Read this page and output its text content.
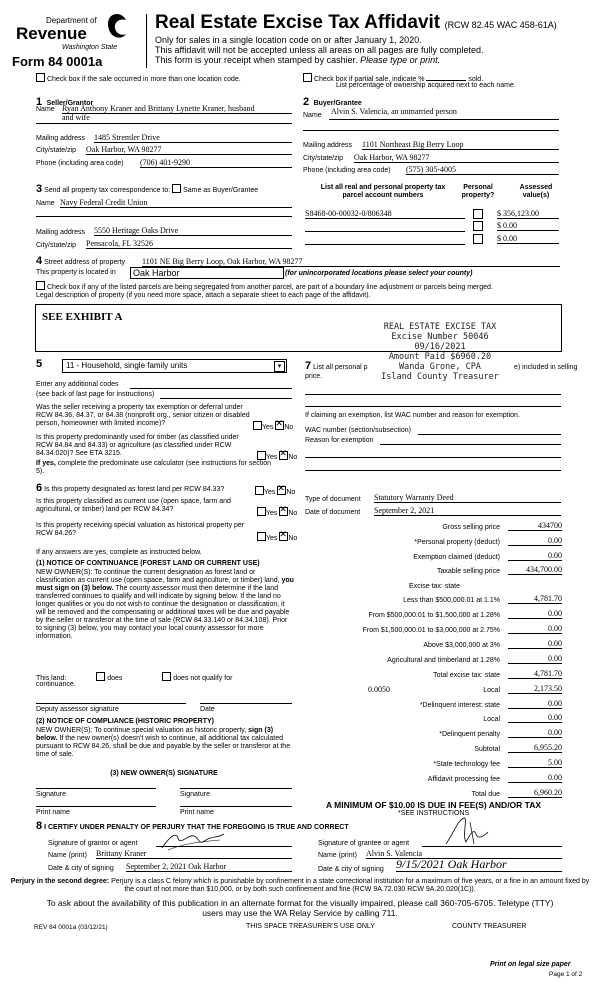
Department of
Revenue
Washington State
Form 84 0001a
Real Estate Excise Tax Affidavit (RCW 82.45 WAC 458-61A)
Only for sales in a single location code on or after January 1, 2020.
This affidavit will not be accepted unless all areas on all pages are fully completed.
This form is your receipt when stamped by cashier. Please type or print.
Check box if the sale occurred in more than one location code.	Check box if partial sale, indicate %	sold.
List percentage of ownership acquired next to each name.
1 Seller/Grantor
Name Ryan Anthony Kraner and Brittany Lynette Kraner, husband
and wife
Mailing address 1485 Stremler Drive
City/state/zip Oak Harbor, WA 98277
Phone (including area code) (706) 401-9290
2 Buyer/Grantee
Name Alvin S. Valencia, an unmarried person
Mailing address 1101 Northeast Big Berry Loop
City/state/zip Oak Harbor, WA 98277
Phone (including area code) (575) 305-4005
3 Send all property tax correspondence to:  Same as Buyer/Grantee
Name Navy Federal Credit Union
Mailing address 5550 Heritage Oaks Drive
City/state/zip Pensacola, FL 32526
List all real and personal property tax
parcel account numbers
Personal
property?
Assessed
value(s)
S8468-00-00032-0/806348	$ 356,123.00
$ 0.00
$ 0.00
4 Street address of property 1101 NE Big Berry Loop, Oak Harbor, WA 98277
This property is located in	Oak Harbor	(for unincorporated locations please select your county)
Check box if any of the listed parcels are being segregated from another parcel, are part of a boundary line adjustment or parcels being merged.
Legal description of property (if you need more space, attach a separate sheet to each page of the affidavit).
SEE EXHIBIT A
REAL ESTATE EXCISE TAX
Excise Number 50046
09/16/2021
Amount Paid $6960.20
Wanda Grone, CPA
Island County Treasurer
5	11 - Household, single family units	▾
Enter any additional codes
(see back of last page for instructions)
Was the seller receiving a property tax exemption or deferral under RCW 84.36, 84.37, or 84.38 (nonprofit org., senior citizen or disabled person, homeowner with limited income)?
Yes ✕ No
Is this property predominantly used for timber (as classified under RCW 84.84 and 84.33) or agriculture (as classified under RCW 84.34.020)? See ETA 3215.
Yes ✕ No
If yes, complete the predominate use calculator (see instructions for section 5).
6 Is this property designated as forest land per RCW 84.33?	Yes ✕ No
Is this property classified as current use (open space, farm and agricultural, or timber) land per RCW 84.34?
Yes ✕ No
Is this property receiving special valuation as historical property per RCW 84.26?
Yes ✕ No
If any answers are yes, complete as instructed below.
(1) NOTICE OF CONTINUANCE (FOREST LAND OR CURRENT USE)
NEW OWNER(S): To continue the current designation as forest land or classification as current use (open space, farm and agriculture, or timber) land, you must sign on (3) below. The county assessor must then determine if the land transferred continues to qualify and will indicate by signing below. If the land no longer qualifies or you do not wish to continue the designation or classification, it will be removed and the compensating or additional taxes will be due and payable by the seller or transferor at the time of sale (RCW 84.33.140 or 84.34.108). Prior to signing (3) below, you may contact your local county assessor for more information.
This land:	does	does not qualify for
continuance.
Deputy assessor signature	Date
(2) NOTICE OF COMPLIANCE (HISTORIC PROPERTY)
NEW OWNER(S): To continue special valuation as historic property, sign (3) below. If the new owner(s) doesn't wish to continue, all additional tax calculated pursuant to RCW 84.26, shall be due and payable by the seller or transferor at the time of sale.
(3) NEW OWNER(S) SIGNATURE
Signature	Signature
Print name	Print name
7 List all personal p	e) included in selling
price.
If claiming an exemption, list WAC number and reason for exemption.
WAC number (section/subsection)
Reason for exemption
Type of document Statutory Warranty Deed
Date of document September 2, 2021
Gross selling price	434700
*Personal property (deduct)	0.00
Exemption claimed (deduct)	0.00
Taxable selling price	434,700.00
Excise tax: state
Less than $500,000.01 at 1.1%	4,781.70
From $500,000.01 to $1,500,000 at 1.28%	0.00
From $1,500,000.01 to $3,000,000 at 2.75%	0.00
Above $3,000,000 at 3%	0.00
Agricultural and timberland at 1.28%	0.00
Total excise tax: state	4,781.70
0.0050	Local	2,173.50
*Delinquent interest: state	0.00
Local	0.00
*Delinquent penalty	0.00
Subtotal	6,955.20
*State technology fee	5.00
Affidavit processing fee	0.00
Total due	6,960.20
A MINIMUM OF $10.00 IS DUE IN FEE(S) AND/OR TAX
*SEE INSTRUCTIONS
8 I CERTIFY UNDER PENALTY OF PERJURY THAT THE FOREGOING IS TRUE AND CORRECT
Signature of grantor or agent
Name (print) Brittany Kraner
Date & city of signing September 2, 2021 Oak Harbor
Signature of grantee or agent
Name (print) Alvin S. Valencia
Date & city of signing 9/15/2021 Oak Harbor
Perjury in the second degree: Perjury is a class C felony which is punishable by confinement in a state correctional institution for a maximum of five years, or a fine in an amount fixed by the court of not more than $10,000, or by both such confinement and fine (RCW 9A.72.030 RCW 9A.20.020(1C)).
To ask about the availability of this publication in an alternate format for the visually impaired, please call 360-705-6705. Teletype (TTY) users may use the WA Relay Service by calling 711.
REV 84 0001a (03/12/21)	THIS SPACE TREASURER'S USE ONLY	COUNTY TREASURER
Print on legal size paper
Page 1 of 2
